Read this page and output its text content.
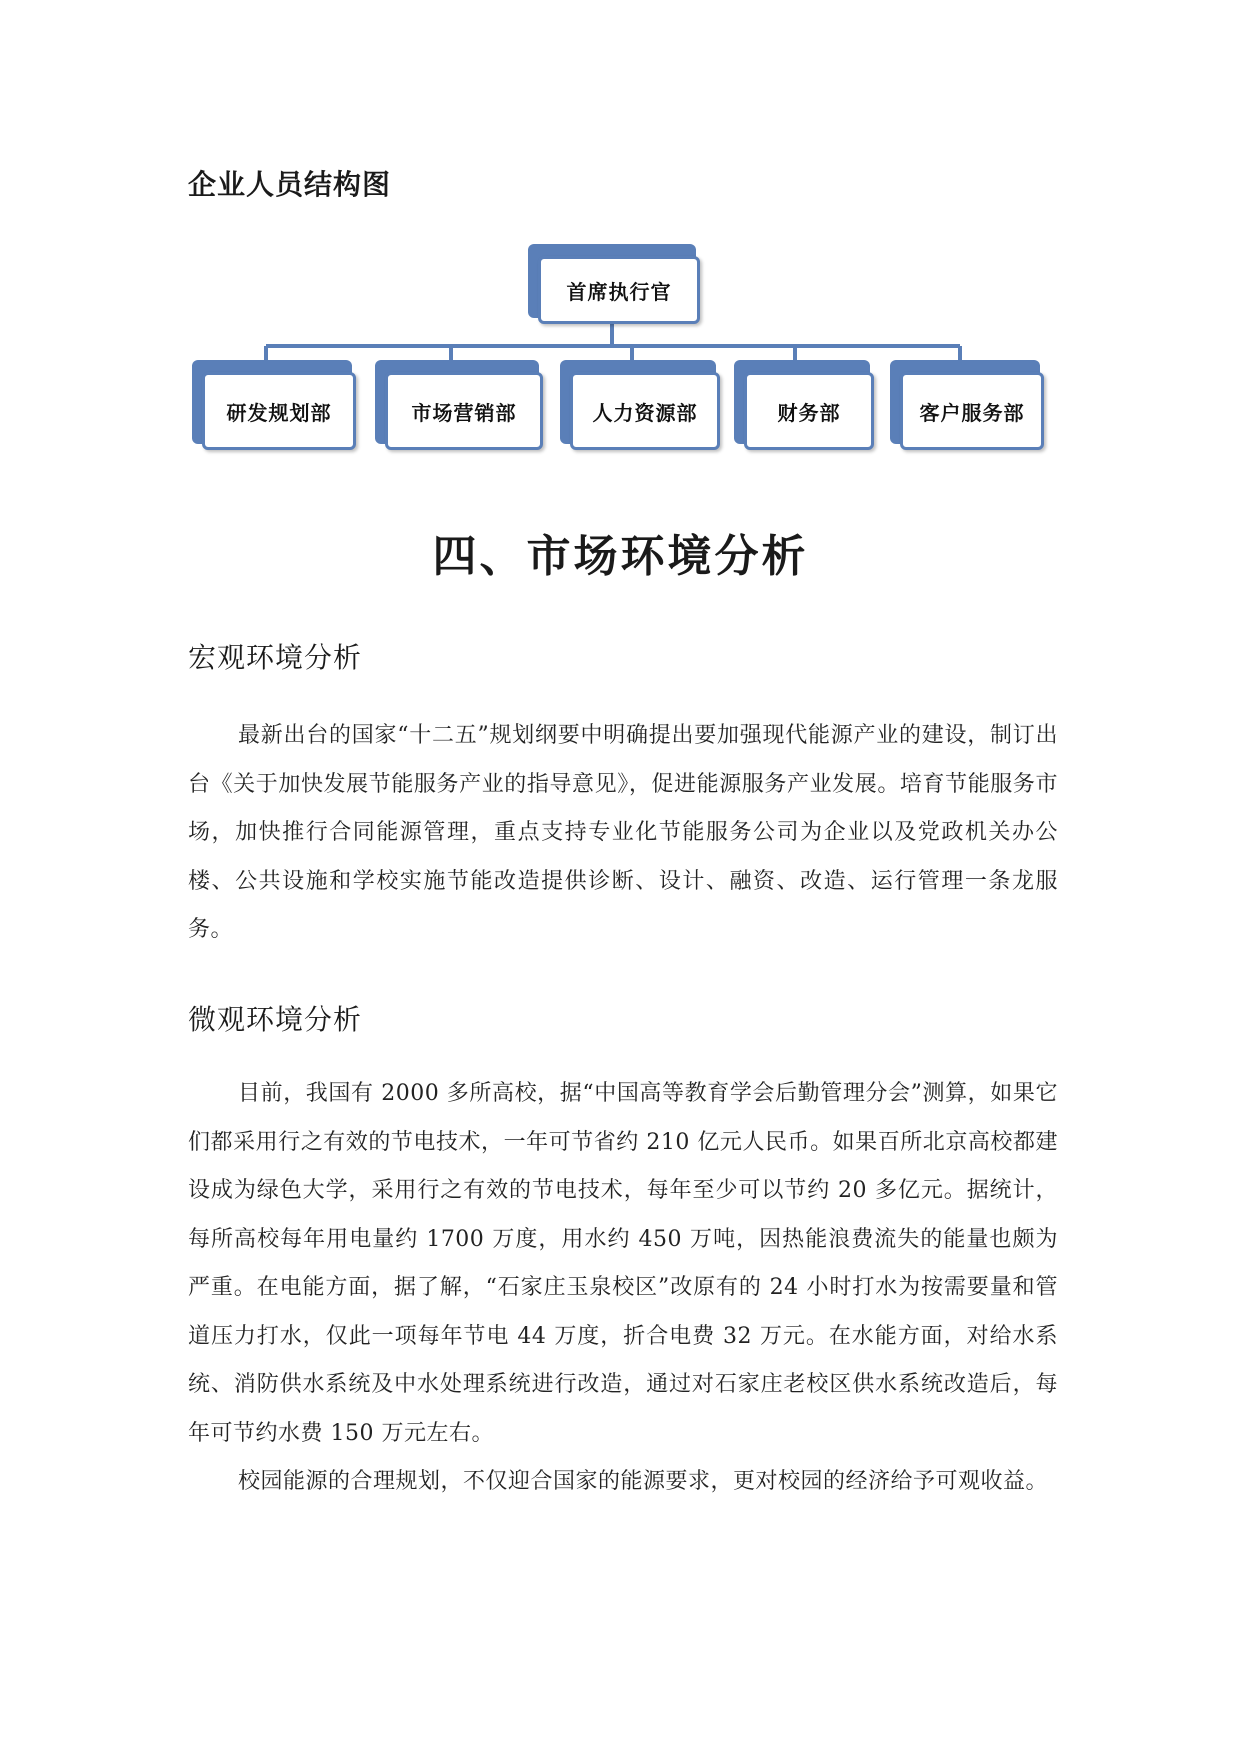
企业人员结构图
首席执行官
研发规划部	市场营销部	人力资源部	财务部	客户服务部
四、市场环境分析
宏观环境分析
最新出台的国家“十二五”规划纲要中明确提出要加强现代能源产业的建设，制订出台《关于加快发展节能服务产业的指导意见》，促进能源服务产业发展。培育节能服务市场，加快推行合同能源管理，重点支持专业化节能服务公司为企业以及党政机关办公楼、公共设施和学校实施节能改造提供诊断、设计、融资、改造、运行管理一条龙服务。
微观环境分析
目前，我国有 2000 多所高校，据“中国高等教育学会后勤管理分会”测算，如果它们都采用行之有效的节电技术，一年可节省约 210 亿元人民币。如果百所北京高校都建设成为绿色大学，采用行之有效的节电技术，每年至少可以节约 20 多亿元。据统计，每所高校每年用电量约 1700 万度，用水约 450 万吨，因热能浪费流失的能量也颇为严重。在电能方面，据了解，“石家庄玉泉校区”改原有的 24 小时打水为按需要量和管道压力打水，仅此一项每年节电 44 万度，折合电费 32 万元。在水能方面，对给水系统、消防供水系统及中水处理系统进行改造，通过对石家庄老校区供水系统改造后，每年可节约水费 150 万元左右。
校园能源的合理规划，不仅迎合国家的能源要求，更对校园的经济给予可观收益。
